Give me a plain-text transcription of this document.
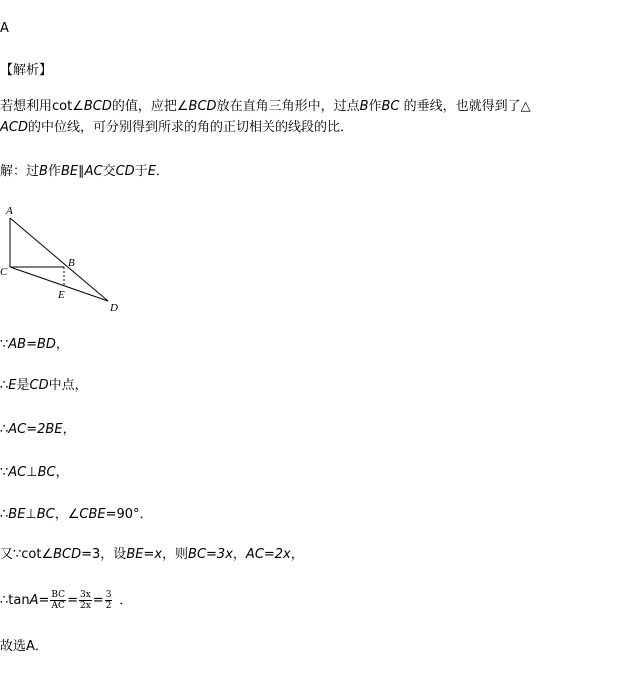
A
【解析】
若想利用cot∠BCD的值，应把∠BCD放在直角三角形中，过点B作BC 的垂线，也就得到了△
ACD的中位线，可分别得到所求的角的正切相关的线段的比．
解：过B作BE∥AC交CD于E．
A
C
B
E
D
∵AB=BD，
∴E是CD中点，
∴AC=2BE，
∵AC⊥BC，
∴BE⊥BC，∠CBE=90°．
又∵cot∠BCD=3，设BE=x，则BC=3x，AC=2x，
∴tanA= $\frac{BC}{AC} = \frac{3x}{2x} = \frac{3}{2}$ ．
故选A．
